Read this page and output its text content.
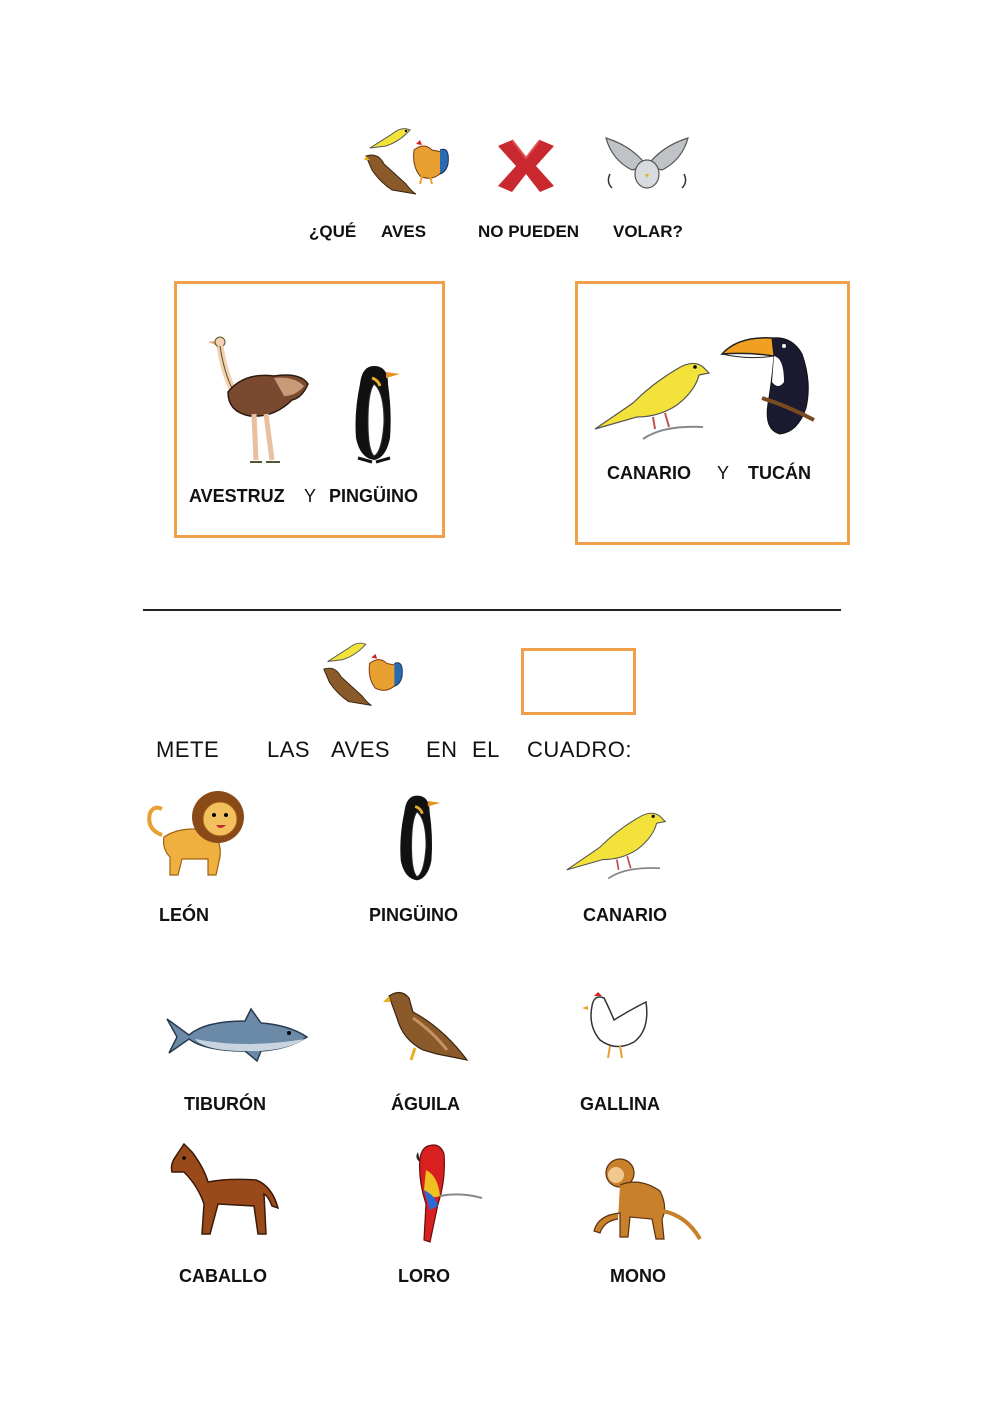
¿QUÉ AVES	NO PUEDEN VOLAR?
AVESTRUZ Y PINGÜINO
CANARIO Y TUCÁN
METE LAS AVES EN EL CUADRO:
LEÓN	PINGÜINO	CANARIO
TIBURÓN	ÁGUILA	GALLINA
CABALLO	LORO	MONO
